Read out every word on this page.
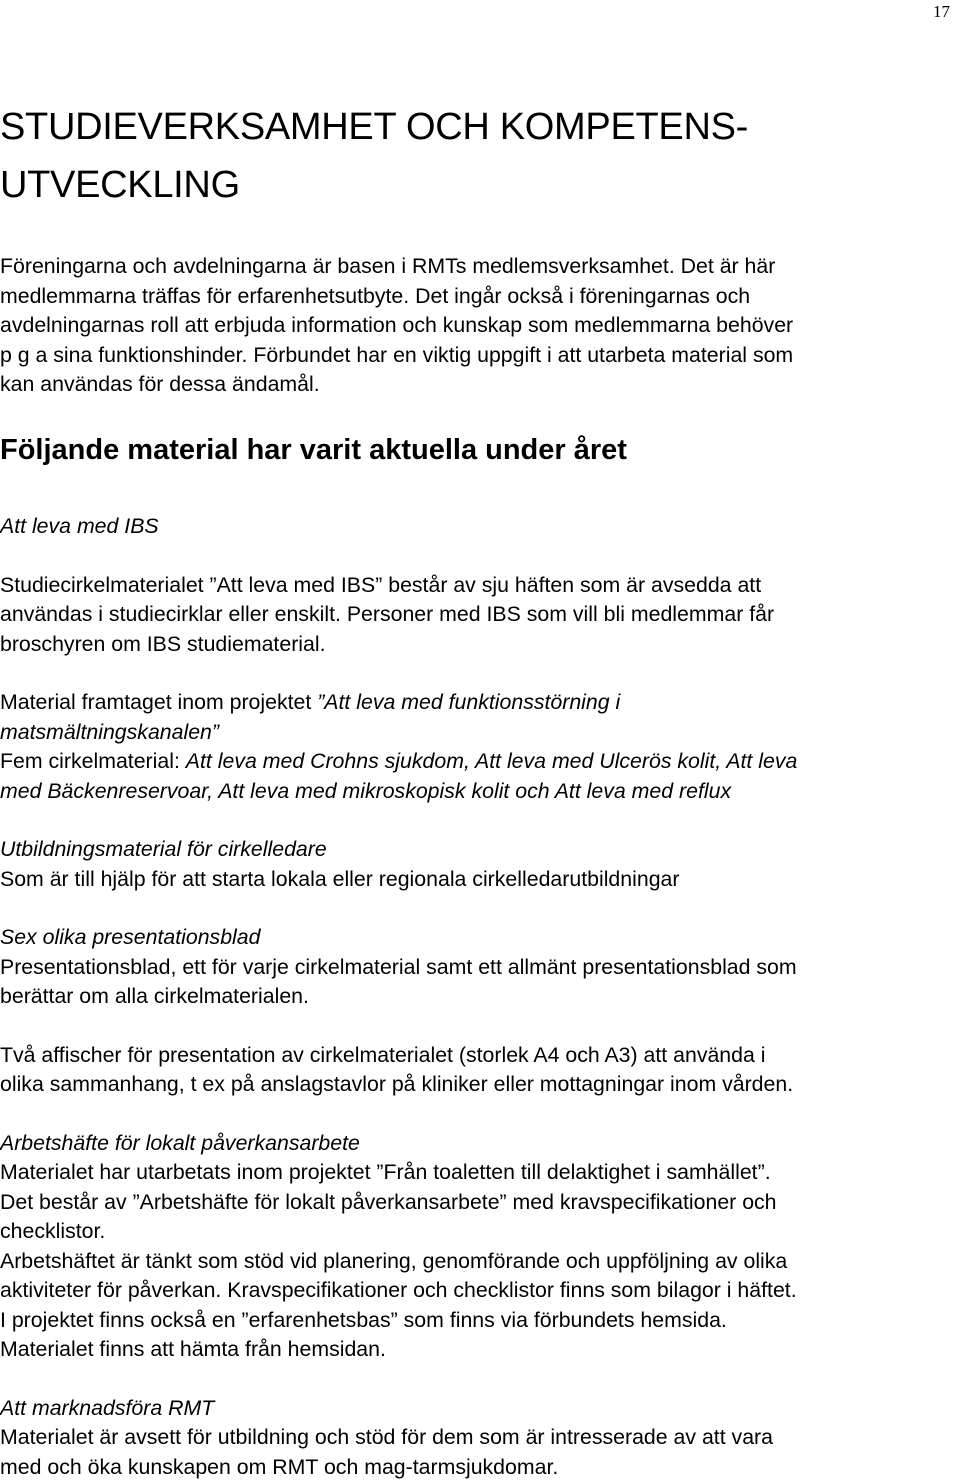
17
STUDIEVERKSAMHET OCH KOMPETENS-
UTVECKLING
Föreningarna och avdelningarna är basen i RMTs medlemsverksamhet. Det är här
medlemmarna träffas för erfarenhetsutbyte. Det ingår också i föreningarnas och
avdelningarnas roll att erbjuda information och kunskap som medlemmarna behöver
p g a sina funktionshinder. Förbundet har en viktig uppgift i att utarbeta material som
kan användas för dessa ändamål.
Följande material har varit aktuella under året
Att leva med IBS

Studiecirkelmaterialet ”Att leva med IBS” består av sju häften som är avsedda att
användas i studiecirklar eller enskilt. Personer med IBS som vill bli medlemmar får
broschyren om IBS studiematerial.
Material framtaget inom projektet ”Att leva med funktionsstörning i
matsmältningskanalen”
Fem cirkelmaterial: Att leva med Crohns sjukdom, Att leva med Ulcerös kolit, Att leva
med Bäckenreservoar, Att leva med mikroskopisk kolit och Att leva med reflux
Utbildningsmaterial för cirkelledare
Som är till hjälp för att starta lokala eller regionala cirkelledarutbildningar
Sex olika presentationsblad
Presentationsblad, ett för varje cirkelmaterial samt ett allmänt presentationsblad som
berättar om alla cirkelmaterialen.
Två affischer för presentation av cirkelmaterialet (storlek A4 och A3) att använda i
olika sammanhang, t ex på anslagstavlor på kliniker eller mottagningar inom vården.
Arbetshäfte för lokalt påverkansarbete
Materialet har utarbetats inom projektet ”Från toaletten till delaktighet i samhället”.
Det består av ”Arbetshäfte för lokalt påverkansarbete” med kravspecifikationer och
checklistor.
Arbetshäftet är tänkt som stöd vid planering, genomförande och uppföljning av olika
aktiviteter för påverkan. Kravspecifikationer och checklistor finns som bilagor i häftet.
I projektet finns också en ”erfarenhetsbas” som finns via förbundets hemsida.
Materialet finns att hämta från hemsidan.
Att marknadsföra RMT
Materialet är avsett för utbildning och stöd för dem som är intresserade av att vara
med och öka kunskapen om RMT och mag-tarmsjukdomar.
